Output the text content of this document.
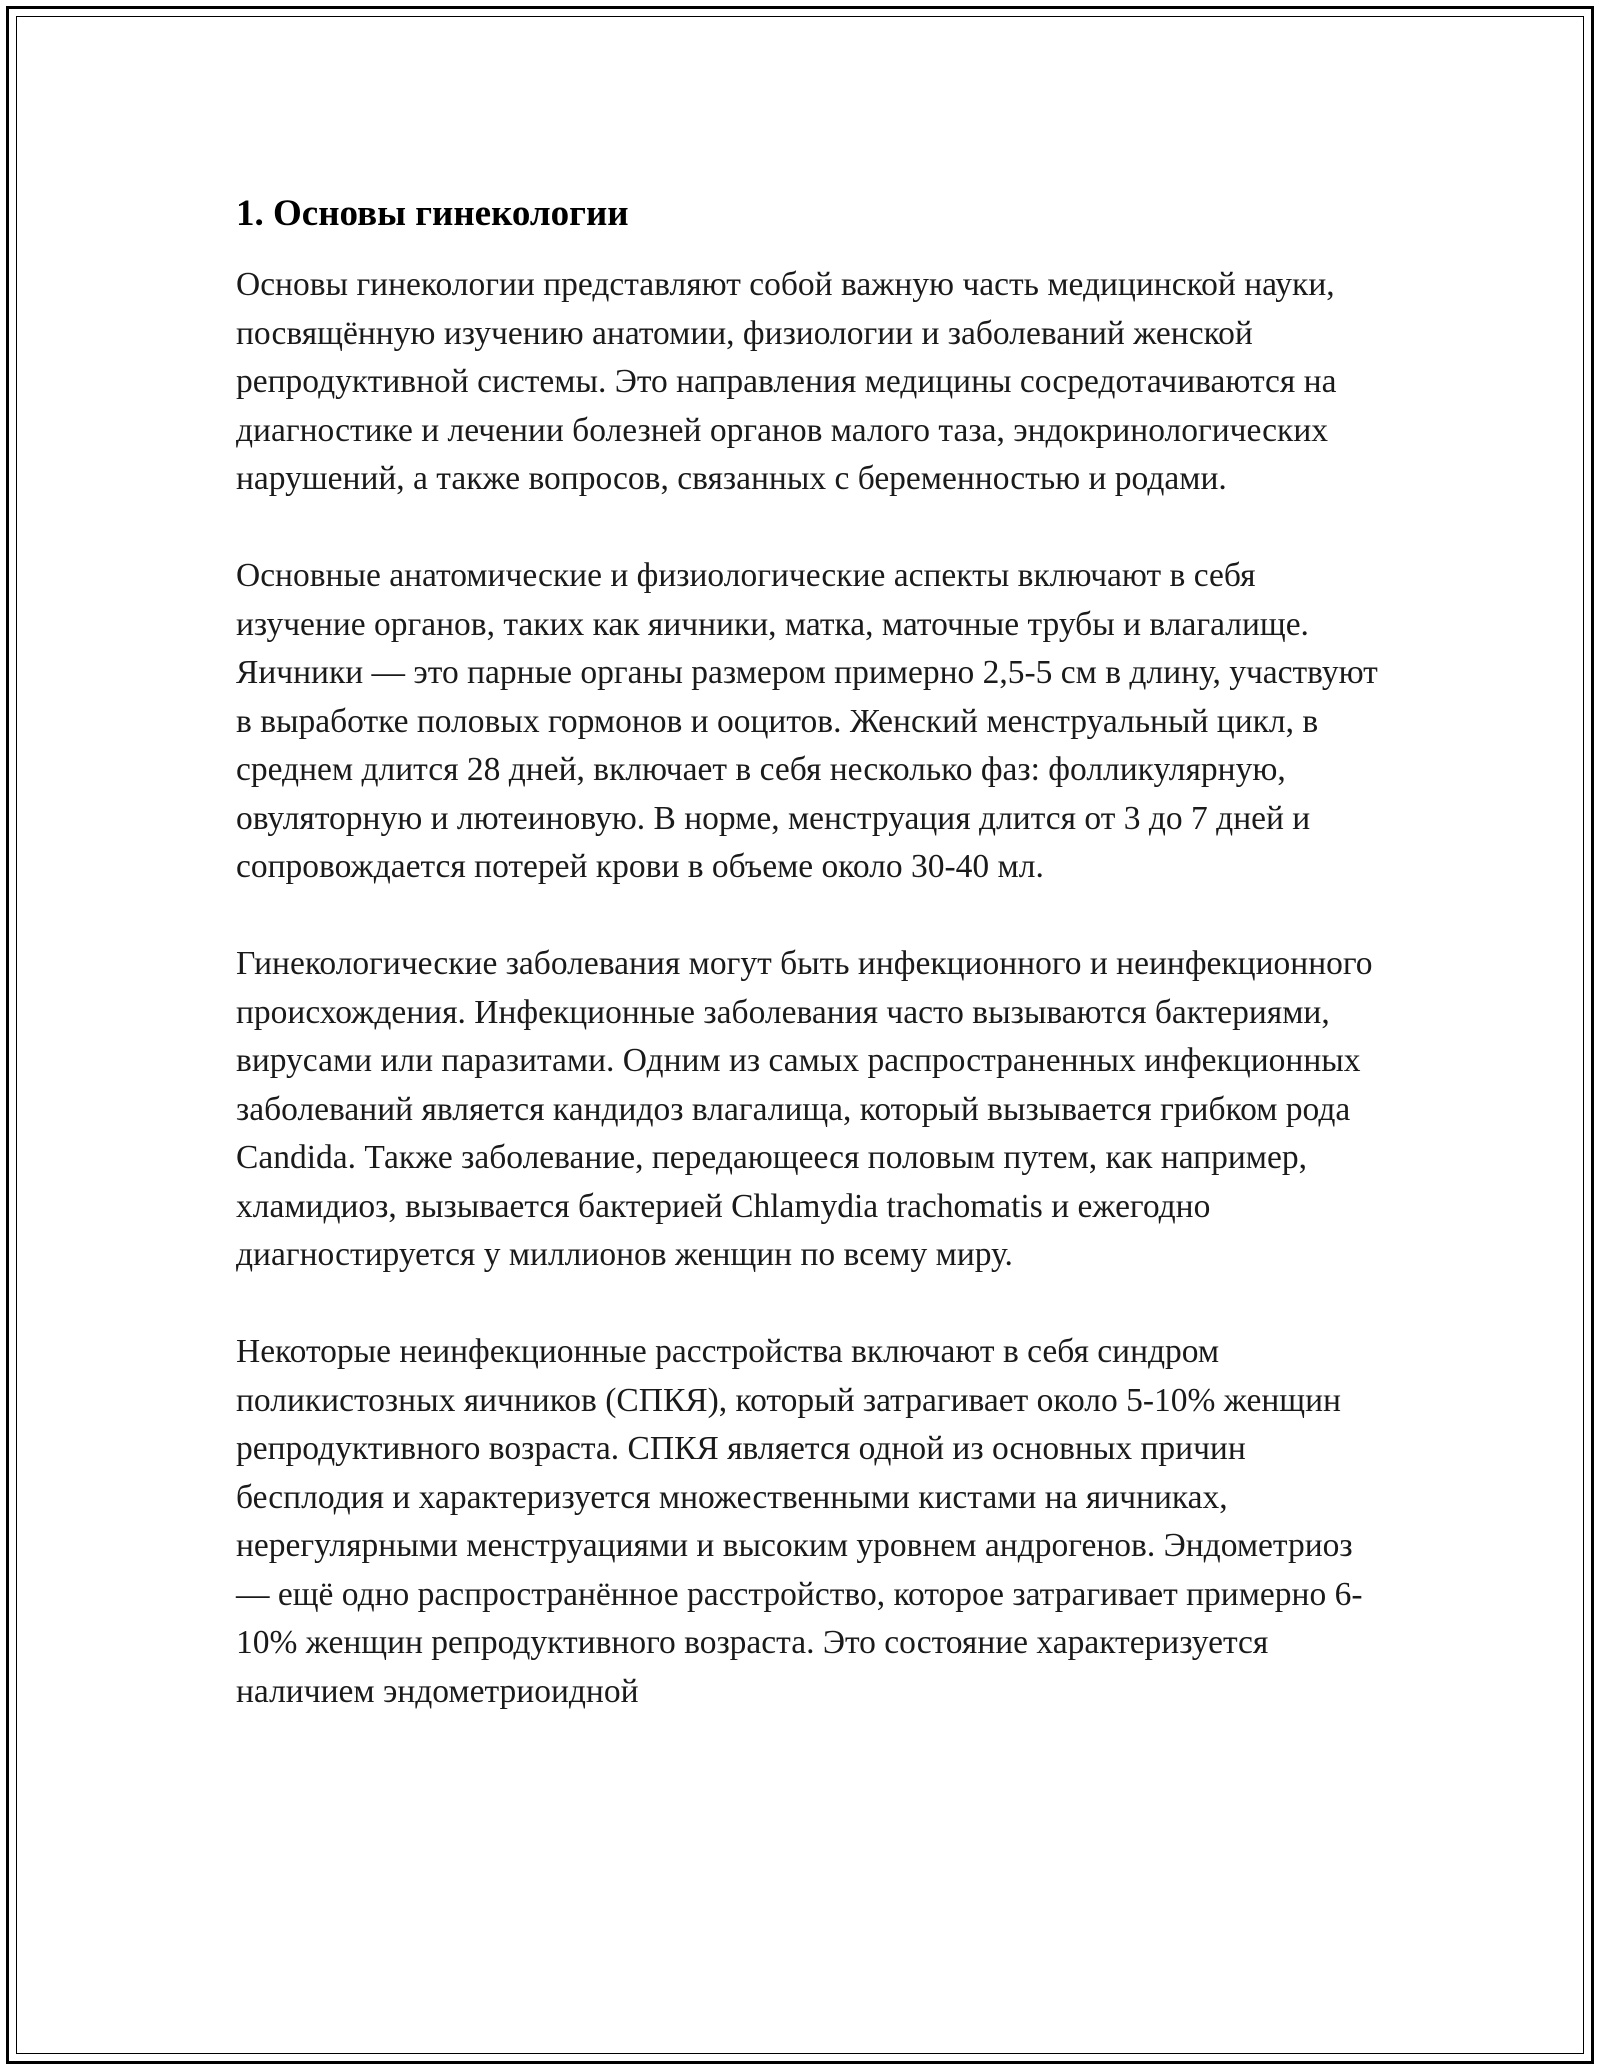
1. Основы гинекологии

Основы гинекологии представляют собой важную часть медицинской науки, посвящённую изучению анатомии, физиологии и заболеваний женской репродуктивной системы. Это направления медицины сосредотачиваются на диагностике и лечении болезней органов малого таза, эндокринологических нарушений, а также вопросов, связанных с беременностью и родами.

Основные анатомические и физиологические аспекты включают в себя изучение органов, таких как яичники, матка, маточные трубы и влагалище. Яичники — это парные органы размером примерно 2,5-5 см в длину, участвуют в выработке половых гормонов и ооцитов. Женский менструальный цикл, в среднем длится 28 дней, включает в себя несколько фаз: фолликулярную, овуляторную и лютеиновую. В норме, менструация длится от 3 до 7 дней и сопровождается потерей крови в объеме около 30-40 мл.

Гинекологические заболевания могут быть инфекционного и неинфекционного происхождения. Инфекционные заболевания часто вызываются бактериями, вирусами или паразитами. Одним из самых распространенных инфекционных заболеваний является кандидоз влагалища, который вызывается грибком рода Candida. Также заболевание, передающееся половым путем, как например, хламидиоз, вызывается бактерией Chlamydia trachomatis и ежегодно диагностируется у миллионов женщин по всему миру.

Некоторые неинфекционные расстройства включают в себя синдром поликистозных яичников (СПКЯ), который затрагивает около 5-10% женщин репродуктивного возраста. СПКЯ является одной из основных причин бесплодия и характеризуется множественными кистами на яичниках, нерегулярными менструациями и высоким уровнем андрогенов. Эндометриоз — ещё одно распространённое расстройство, которое затрагивает примерно 6-10% женщин репродуктивного возраста. Это состояние характеризуется наличием эндометриоидной
